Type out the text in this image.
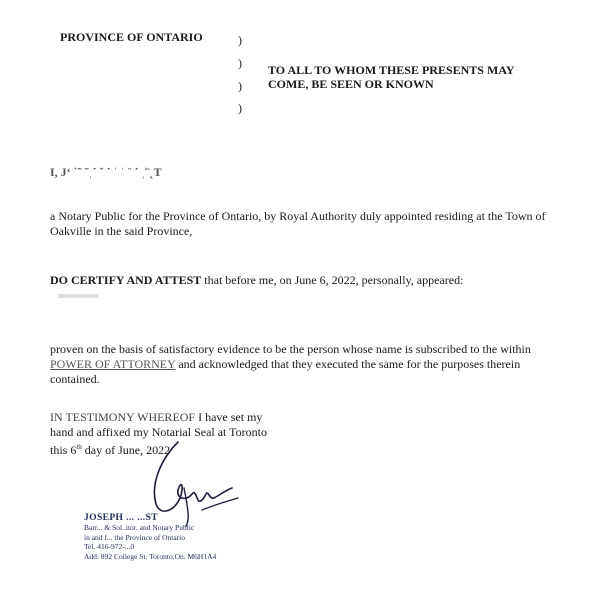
PROVINCE OF ONTARIO	)
)
)
)
TO ALL TO WHOM THESE PRESENTS MAY COME, BE SEEN OR KNOWN
I, Jʻ ˋ˜ ˜ˌ˙ ˘ ˙ ˈ ˈ ¨ ˙ ˌ͑ˉ˛T
a Notary Public for the Province of Ontario, by Royal Authority duly appointed residing at the Town of Oakville in the said Province,
DO CERTIFY AND ATTEST that before me, on June 6, 2022, personally, appeared:
proven on the basis of satisfactory evidence to be the person whose name is subscribed to the within POWER OF ATTORNEY and acknowledged that they executed the same for the purposes therein contained.
IN TESTIMONY WHEREOF I have set my
hand and affixed my Notarial Seal at Toronto
this 6th day of June, 2022
JOSEPH ... ...ST
Barr... & Sol..itor. and Notary Public
in and f... the Province of Ontario
Tel. 416-972-...0
Add: 892 College St. Toronto,On. M6H1A4
